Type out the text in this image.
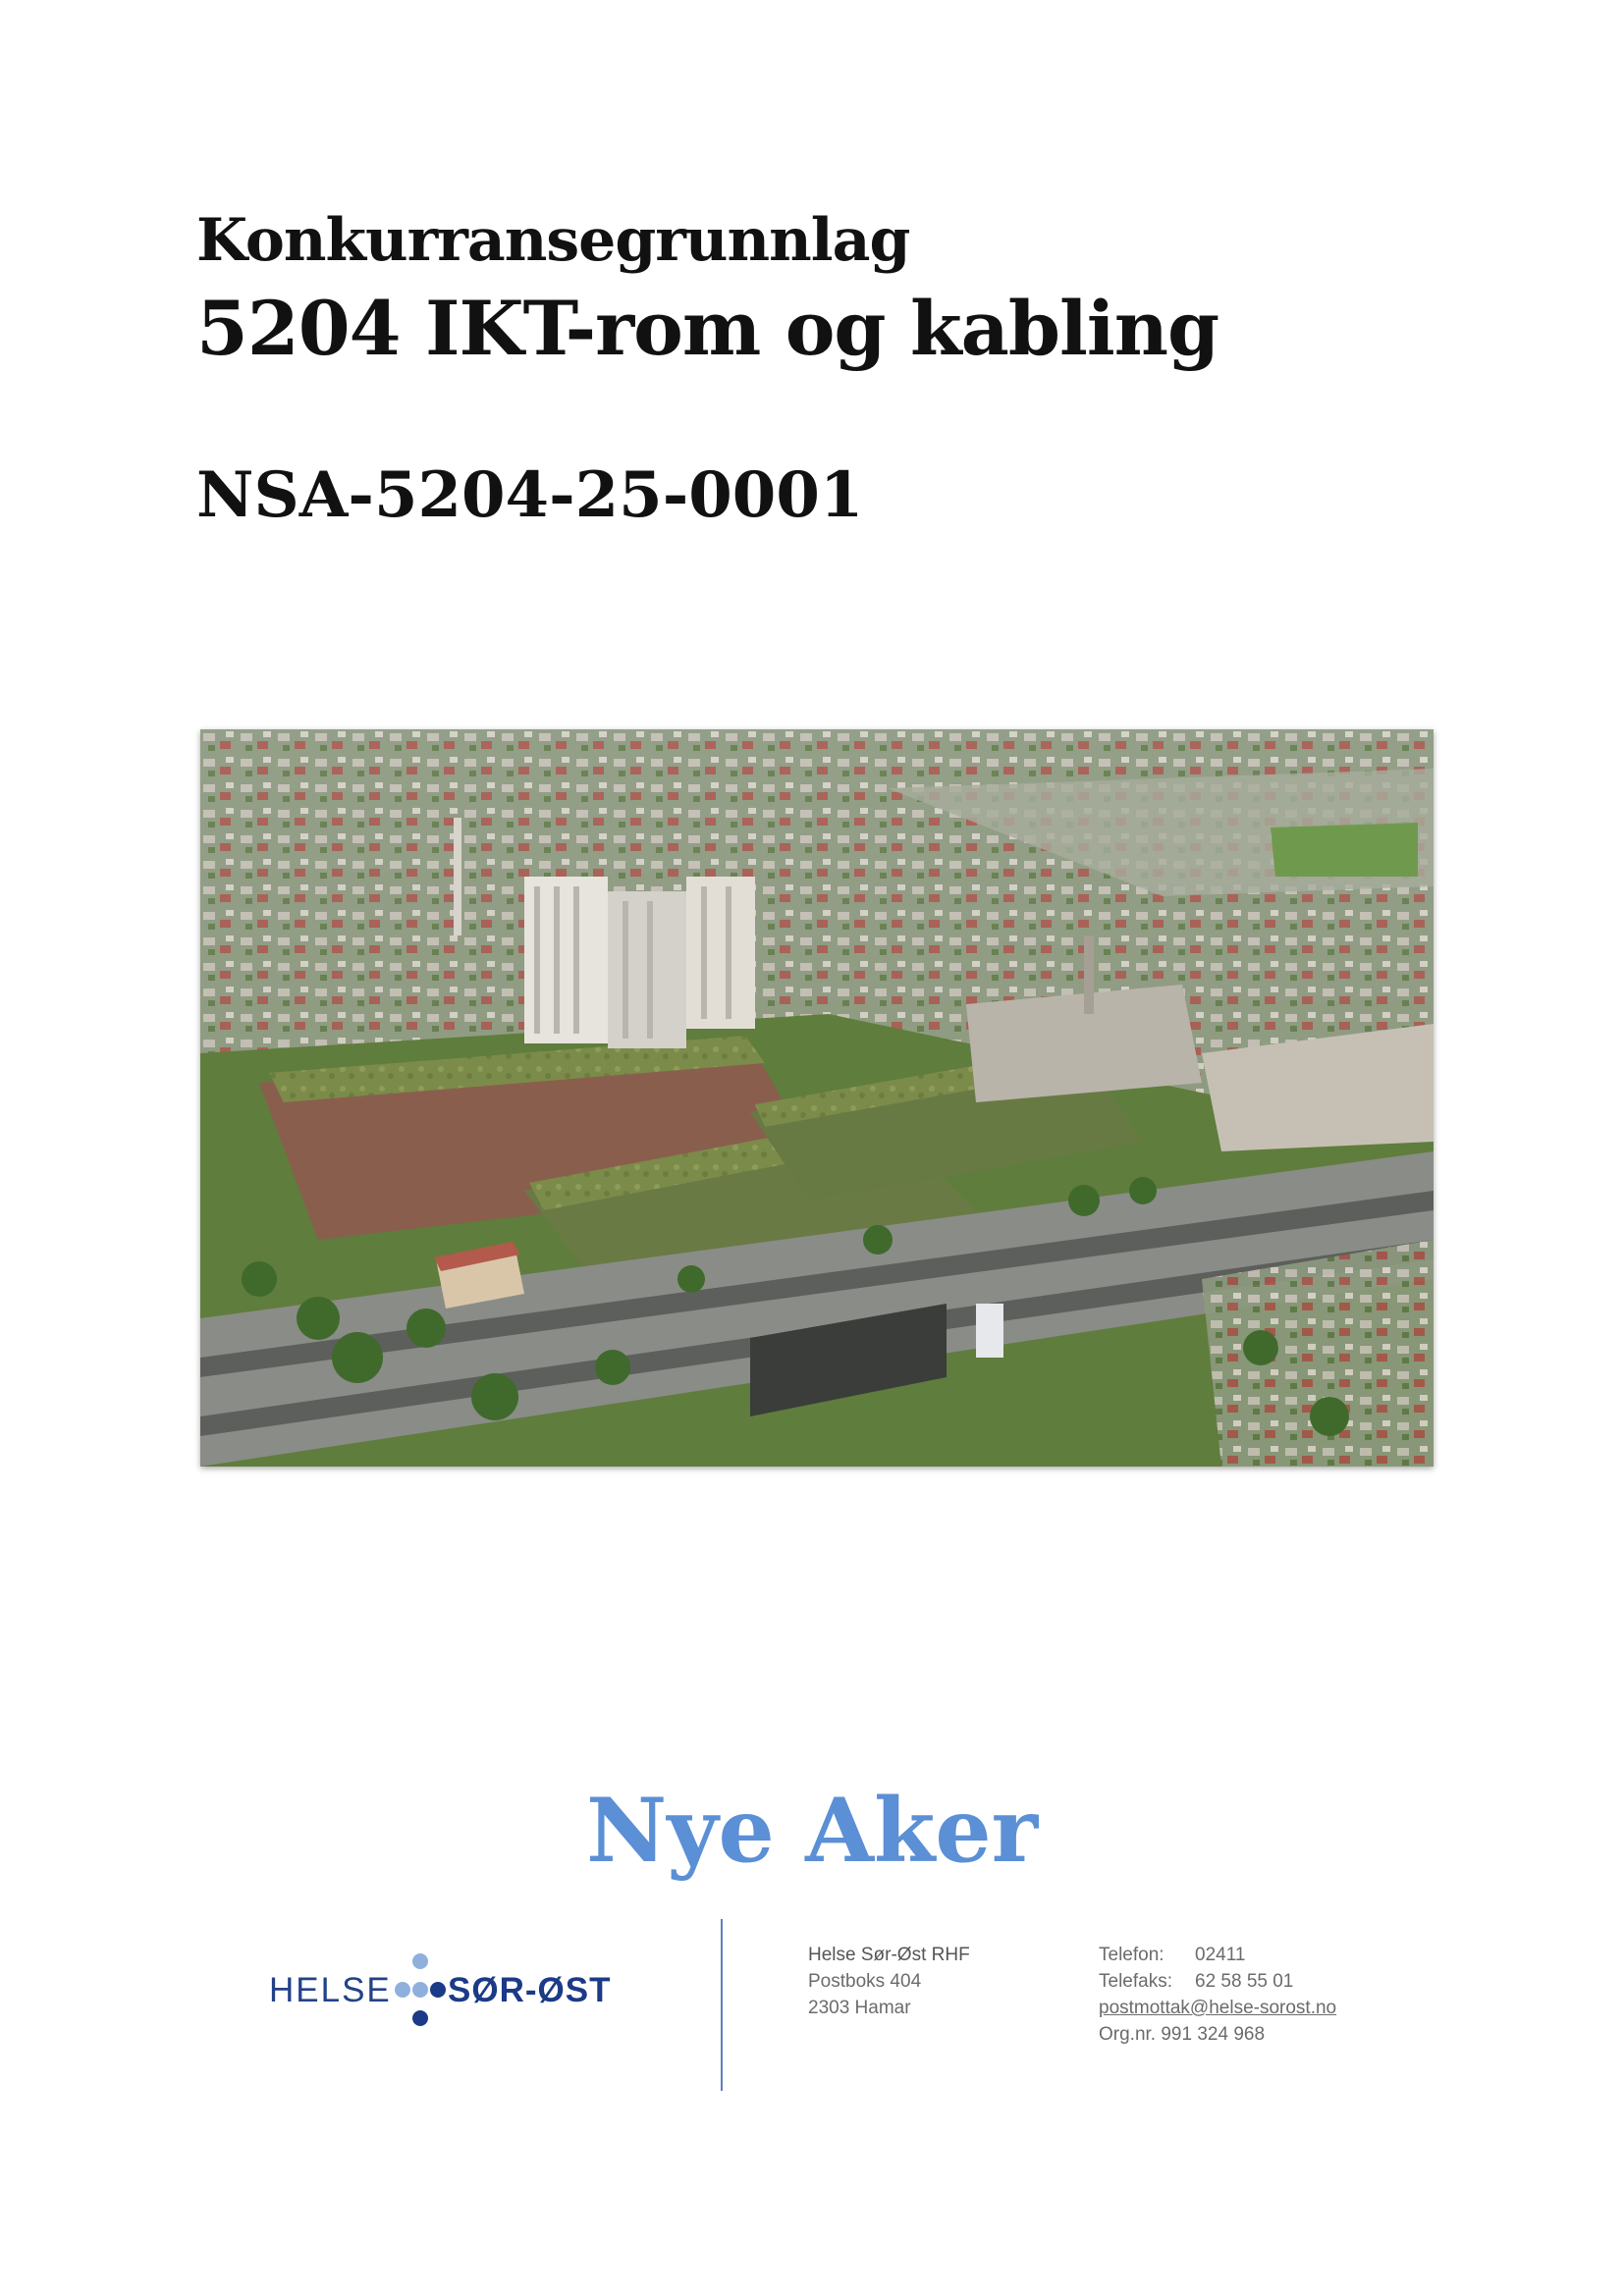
Konkurransegrunnlag
5204 IKT-rom og kabling
NSA-5204-25-0001
Nye Aker
HELSE SØR-ØST
Helse Sør-Øst RHF
Postboks 404
2303 Hamar
Telefon: 02411
Telefaks: 62 58 55 01
postmottak@helse-sorost.no
Org.nr. 991 324 968
